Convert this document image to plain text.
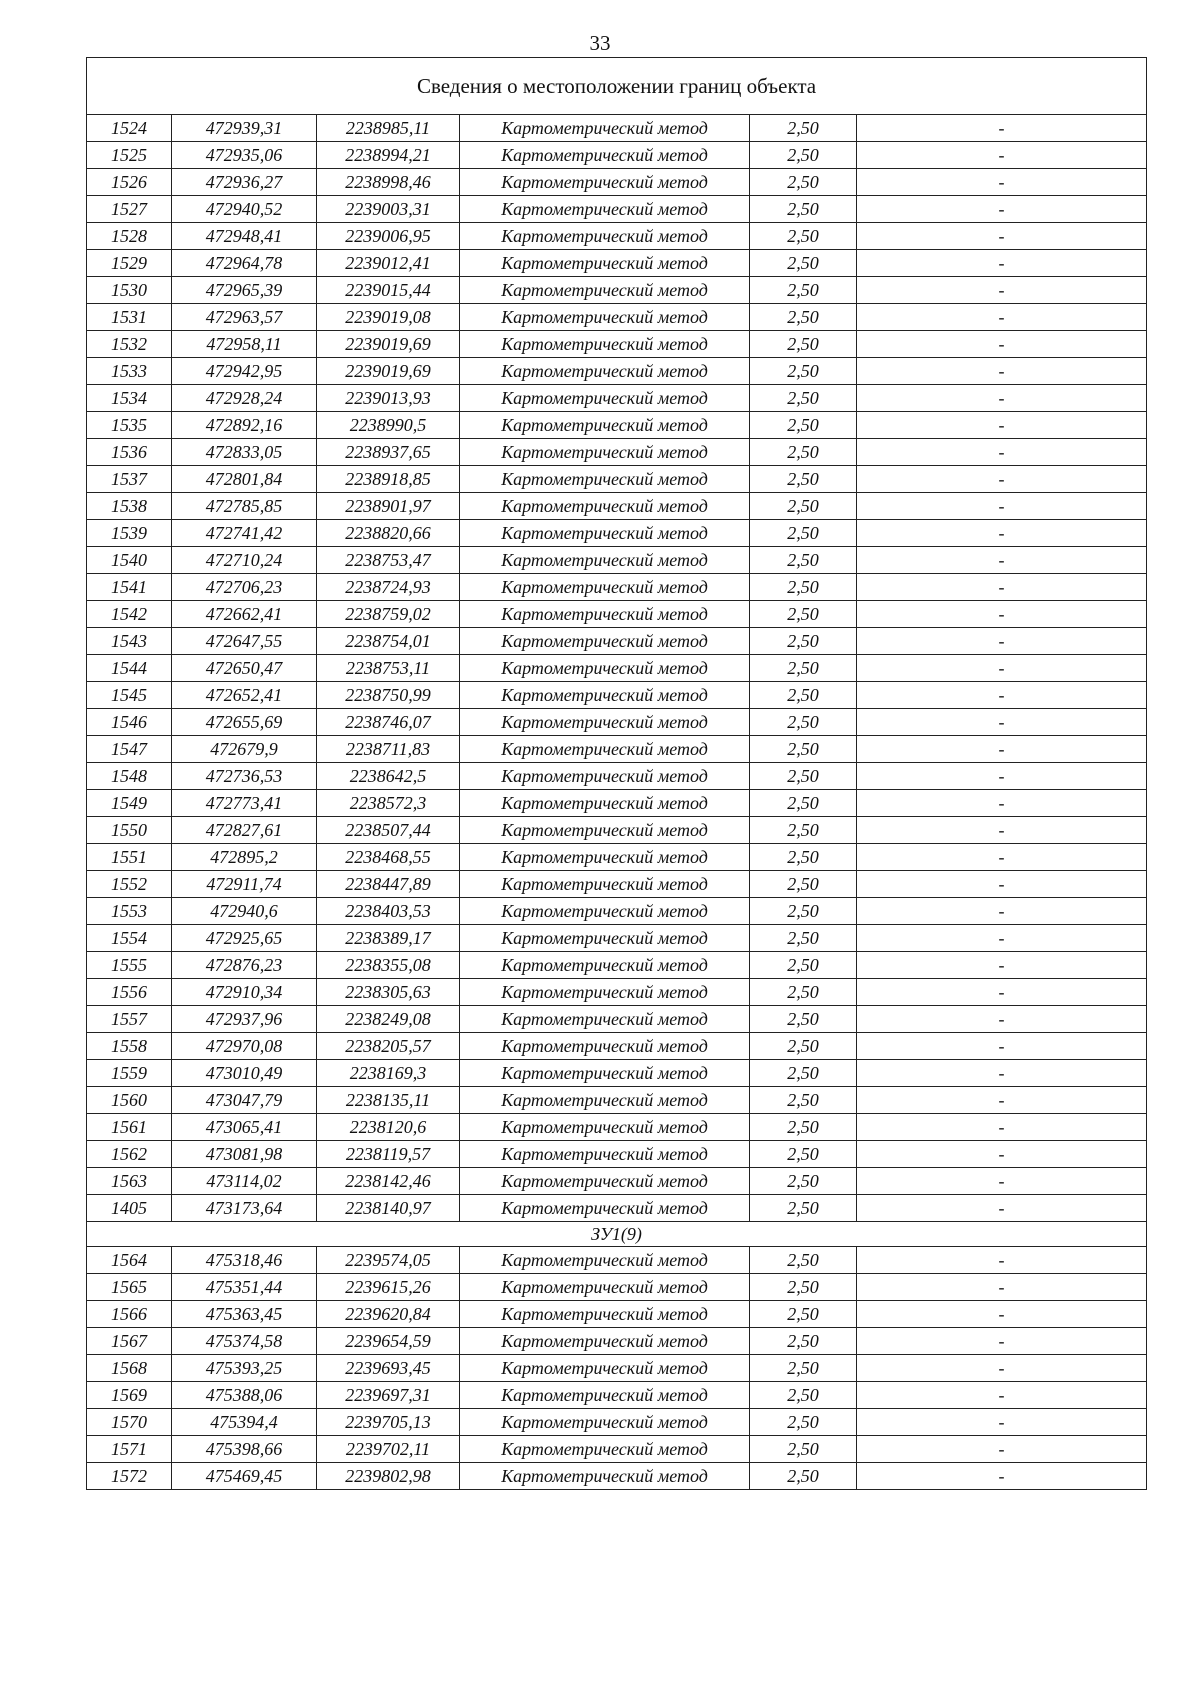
33
Сведения о местоположении границ объекта					
1524	472939,31	2238985,11	Картометрический метод	2,50	-
1525	472935,06	2238994,21	Картометрический метод	2,50	-
1526	472936,27	2238998,46	Картометрический метод	2,50	-
1527	472940,52	2239003,31	Картометрический метод	2,50	-
1528	472948,41	2239006,95	Картометрический метод	2,50	-
1529	472964,78	2239012,41	Картометрический метод	2,50	-
1530	472965,39	2239015,44	Картометрический метод	2,50	-
1531	472963,57	2239019,08	Картометрический метод	2,50	-
1532	472958,11	2239019,69	Картометрический метод	2,50	-
1533	472942,95	2239019,69	Картометрический метод	2,50	-
1534	472928,24	2239013,93	Картометрический метод	2,50	-
1535	472892,16	2238990,5	Картометрический метод	2,50	-
1536	472833,05	2238937,65	Картометрический метод	2,50	-
1537	472801,84	2238918,85	Картометрический метод	2,50	-
1538	472785,85	2238901,97	Картометрический метод	2,50	-
1539	472741,42	2238820,66	Картометрический метод	2,50	-
1540	472710,24	2238753,47	Картометрический метод	2,50	-
1541	472706,23	2238724,93	Картометрический метод	2,50	-
1542	472662,41	2238759,02	Картометрический метод	2,50	-
1543	472647,55	2238754,01	Картометрический метод	2,50	-
1544	472650,47	2238753,11	Картометрический метод	2,50	-
1545	472652,41	2238750,99	Картометрический метод	2,50	-
1546	472655,69	2238746,07	Картометрический метод	2,50	-
1547	472679,9	2238711,83	Картометрический метод	2,50	-
1548	472736,53	2238642,5	Картометрический метод	2,50	-
1549	472773,41	2238572,3	Картометрический метод	2,50	-
1550	472827,61	2238507,44	Картометрический метод	2,50	-
1551	472895,2	2238468,55	Картометрический метод	2,50	-
1552	472911,74	2238447,89	Картометрический метод	2,50	-
1553	472940,6	2238403,53	Картометрический метод	2,50	-
1554	472925,65	2238389,17	Картометрический метод	2,50	-
1555	472876,23	2238355,08	Картометрический метод	2,50	-
1556	472910,34	2238305,63	Картометрический метод	2,50	-
1557	472937,96	2238249,08	Картометрический метод	2,50	-
1558	472970,08	2238205,57	Картометрический метод	2,50	-
1559	473010,49	2238169,3	Картометрический метод	2,50	-
1560	473047,79	2238135,11	Картометрический метод	2,50	-
1561	473065,41	2238120,6	Картометрический метод	2,50	-
1562	473081,98	2238119,57	Картометрический метод	2,50	-
1563	473114,02	2238142,46	Картометрический метод	2,50	-
1405	473173,64	2238140,97	Картометрический метод	2,50	-
ЗУ1(9)					
1564	475318,46	2239574,05	Картометрический метод	2,50	-
1565	475351,44	2239615,26	Картометрический метод	2,50	-
1566	475363,45	2239620,84	Картометрический метод	2,50	-
1567	475374,58	2239654,59	Картометрический метод	2,50	-
1568	475393,25	2239693,45	Картометрический метод	2,50	-
1569	475388,06	2239697,31	Картометрический метод	2,50	-
1570	475394,4	2239705,13	Картометрический метод	2,50	-
1571	475398,66	2239702,11	Картометрический метод	2,50	-
1572	475469,45	2239802,98	Картометрический метод	2,50	-
